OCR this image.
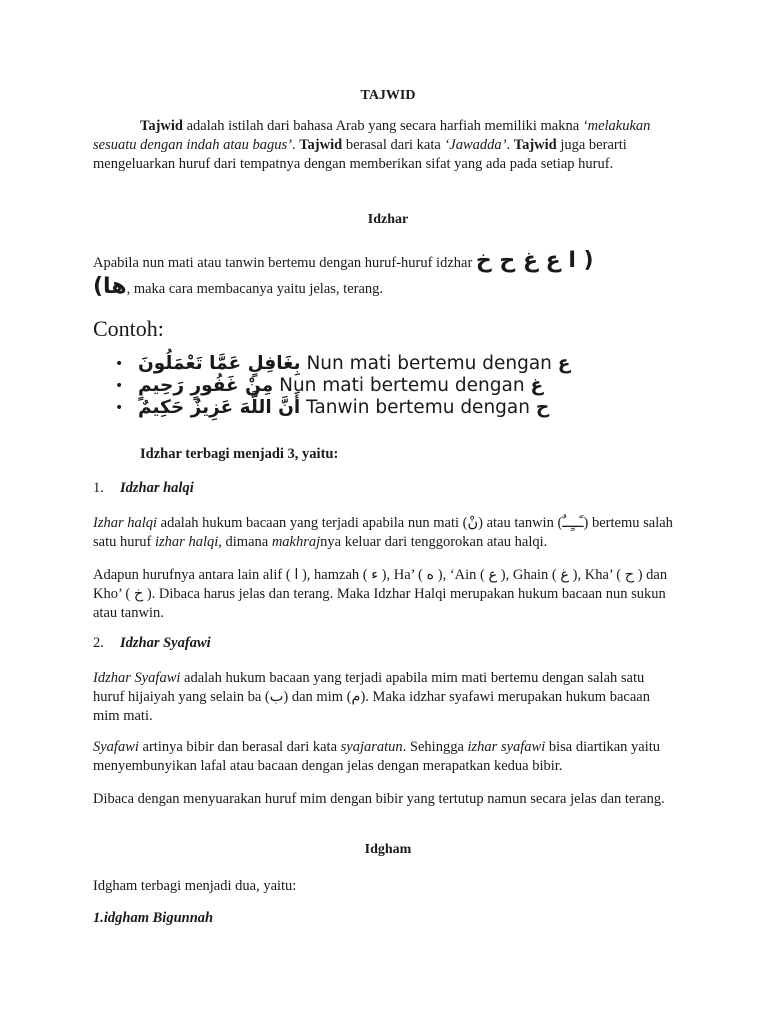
TAJWID

Tajwid adalah istilah dari bahasa Arab yang secara harfiah memiliki makna ‘melakukan sesuatu dengan indah atau bagus’. Tajwid berasal dari kata ‘Jawadda’. Tajwid juga berarti mengeluarkan huruf dari tempatnya dengan memberikan sifat yang ada pada setiap huruf.

Idzhar
Apabila nun mati atau tanwin bertemu dengan huruf-huruf idzhar ( ا ع غ ح خ
ها), maka cara membacanya yaitu jelas, terang.
Contoh:
• بِغَافِلٍ عَمَّا تَعْمَلُونَ Nun mati bertemu dengan ع
• مِنْ غَفُورٍ رَحِيمٍ Nun mati bertemu dengan غ
• أَنَّ اللَّهَ عَزِيزٌ حَكِيمٌ Tanwin bertemu dengan ح

Idzhar terbagi menjadi 3, yaitu:

1. Idzhar halqi

Izhar halqi adalah hukum bacaan yang terjadi apabila nun mati (نْ) atau tanwin (ـًــٍــٌ) bertemu salah satu huruf izhar halqi, dimana makhrajnya keluar dari tenggorokan atau halqi.

Adapun hurufnya antara lain alif ( ا ), hamzah ( ء ), Ha’ ( ه ), ‘Ain ( ع ), Ghain ( غ ), Kha’ ( ح ) dan Kho’ ( خ ). Dibaca harus jelas dan terang. Maka Idzhar Halqi merupakan hukum bacaan nun sukun atau tanwin.

2. Idzhar Syafawi

Idzhar Syafawi adalah hukum bacaan yang terjadi apabila mim mati bertemu dengan salah satu huruf hijaiyah yang selain ba (ب) dan mim (م). Maka idzhar syafawi merupakan hukum bacaan mim mati.

Syafawi artinya bibir dan berasal dari kata syajaratun. Sehingga izhar syafawi bisa diartikan yaitu menyembunyikan lafal atau bacaan dengan jelas dengan merapatkan kedua bibir.

Dibaca dengan menyuarakan huruf mim dengan bibir yang tertutup namun secara jelas dan terang.

Idgham

Idgham terbagi menjadi dua, yaitu:

1.idgham Bigunnah
